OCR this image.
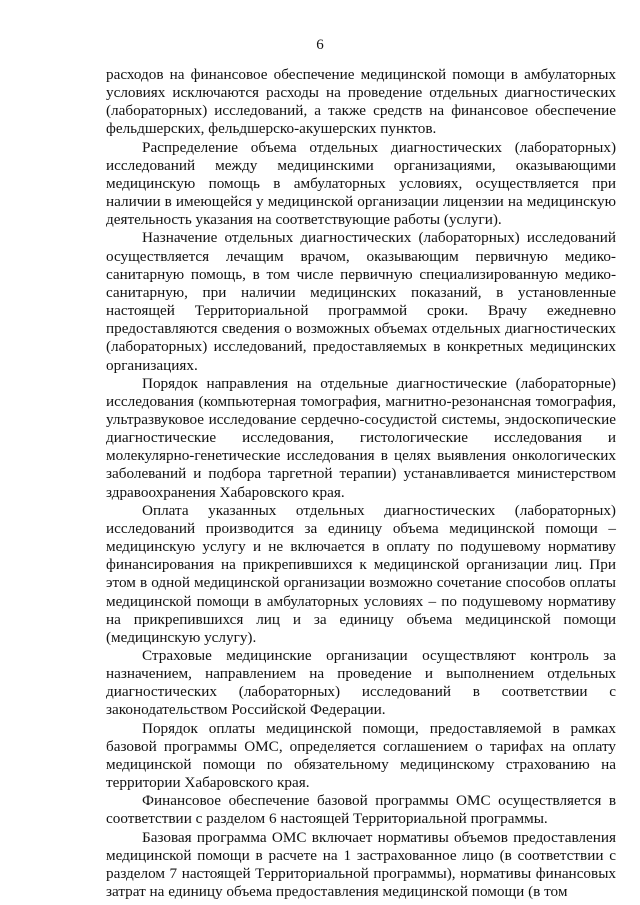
6

расходов на финансовое обеспечение медицинской помощи в амбулаторных условиях исключаются расходы на проведение отдельных диагностических (лабораторных) исследований, а также средств на финансовое обеспечение фельдшерских, фельдшерско-акушерских пунктов.

Распределение объема отдельных диагностических (лабораторных) исследований между медицинскими организациями, оказывающими медицинскую помощь в амбулаторных условиях, осуществляется при наличии в имеющейся у медицинской организации лицензии на медицинскую деятельность указания на соответствующие работы (услуги).

Назначение отдельных диагностических (лабораторных) исследований осуществляется лечащим врачом, оказывающим первичную медико-санитарную помощь, в том числе первичную специализированную медико-санитарную, при наличии медицинских показаний, в установленные настоящей Территориальной программой сроки. Врачу ежедневно предоставляются сведения о возможных объемах отдельных диагностических (лабораторных) исследований, предоставляемых в конкретных медицинских организациях.

Порядок направления на отдельные диагностические (лабораторные) исследования (компьютерная томография, магнитно-резонансная томография, ультразвуковое исследование сердечно-сосудистой системы, эндоскопические диагностические исследования, гистологические исследования и молекулярно-генетические исследования в целях выявления онкологических заболеваний и подбора таргетной терапии) устанавливается министерством здравоохранения Хабаровского края.

Оплата указанных отдельных диагностических (лабораторных) исследований производится за единицу объема медицинской помощи – медицинскую услугу и не включается в оплату по подушевому нормативу финансирования на прикрепившихся к медицинской организации лиц. При этом в одной медицинской организации возможно сочетание способов оплаты медицинской помощи в амбулаторных условиях – по подушевому нормативу на прикрепившихся лиц и за единицу объема медицинской помощи (медицинскую услугу).

Страховые медицинские организации осуществляют контроль за назначением, направлением на проведение и выполнением отдельных диагностических (лабораторных) исследований в соответствии с законодательством Российской Федерации.

Порядок оплаты медицинской помощи, предоставляемой в рамках базовой программы ОМС, определяется соглашением о тарифах на оплату медицинской помощи по обязательному медицинскому страхованию на территории Хабаровского края.

Финансовое обеспечение базовой программы ОМС осуществляется в соответствии с разделом 6 настоящей Территориальной программы.

Базовая программа ОМС включает нормативы объемов предоставления медицинской помощи в расчете на 1 застрахованное лицо (в соответствии с разделом 7 настоящей Территориальной программы), нормативы финансовых затрат на единицу объема предоставления медицинской помощи (в том
